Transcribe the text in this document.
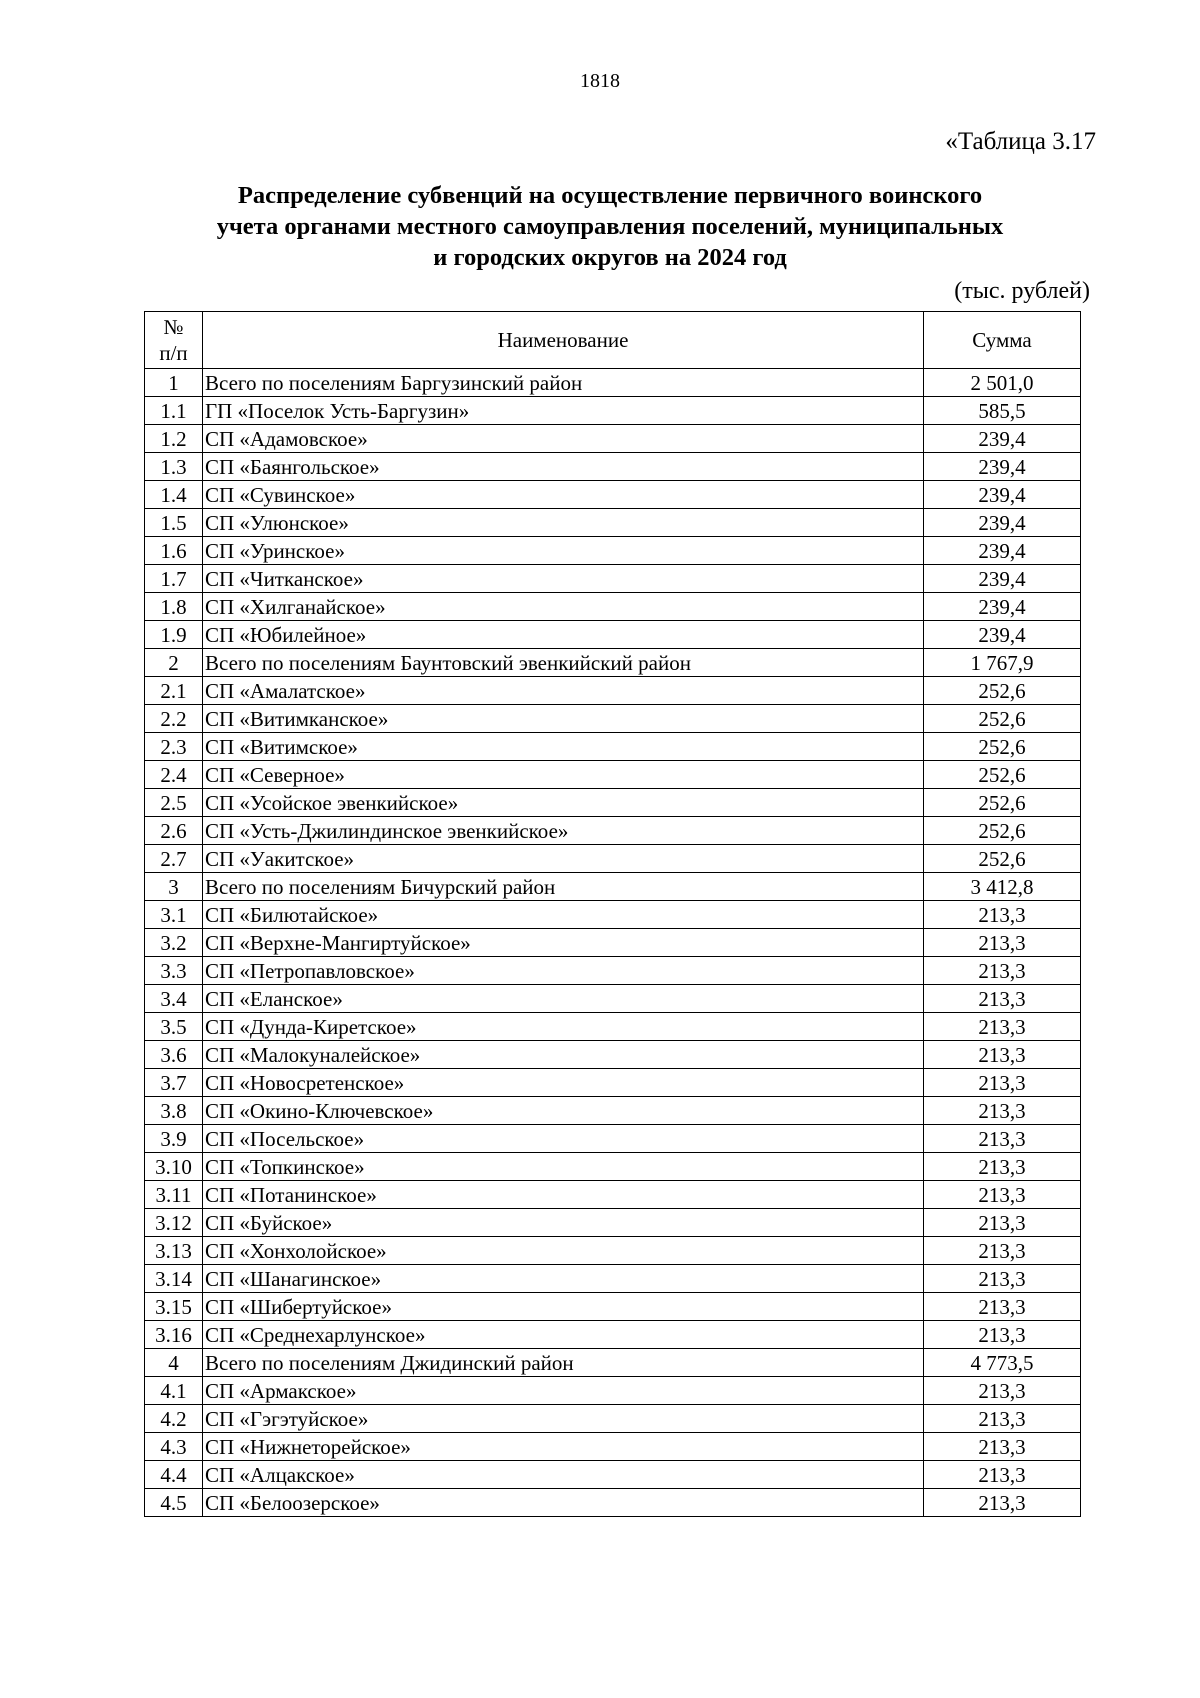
1818
«Таблица 3.17
Распределение субвенций на осуществление первичного воинского
учета органами местного самоуправления поселений, муниципальных
и городских округов на 2024 год
(тыс. рублей)
№
п/п	Наименование	Сумма
1	Всего по поселениям Баргузинский район	2 501,0
1.1	ГП «Поселок Усть-Баргузин»	585,5
1.2	СП «Адамовское»	239,4
1.3	СП «Баянгольское»	239,4
1.4	СП «Сувинское»	239,4
1.5	СП «Улюнское»	239,4
1.6	СП «Уринское»	239,4
1.7	СП «Читканское»	239,4
1.8	СП «Хилганайское»	239,4
1.9	СП «Юбилейное»	239,4
2	Всего по поселениям Баунтовский эвенкийский район	1 767,9
2.1	СП «Амалатское»	252,6
2.2	СП «Витимканское»	252,6
2.3	СП «Витимское»	252,6
2.4	СП «Северное»	252,6
2.5	СП «Усойское эвенкийское»	252,6
2.6	СП «Усть-Джилиндинское эвенкийское»	252,6
2.7	СП «Уакитское»	252,6
3	Всего по поселениям Бичурский район	3 412,8
3.1	СП «Билютайское»	213,3
3.2	СП «Верхне-Мангиртуйское»	213,3
3.3	СП «Петропавловское»	213,3
3.4	СП «Еланское»	213,3
3.5	СП «Дунда-Киретское»	213,3
3.6	СП «Малокуналейское»	213,3
3.7	СП «Новосретенское»	213,3
3.8	СП «Окино-Ключевское»	213,3
3.9	СП «Посельское»	213,3
3.10	СП «Топкинское»	213,3
3.11	СП «Потанинское»	213,3
3.12	СП «Буйское»	213,3
3.13	СП «Хонхолойское»	213,3
3.14	СП «Шанагинское»	213,3
3.15	СП «Шибертуйское»	213,3
3.16	СП «Среднехарлунское»	213,3
4	Всего по поселениям Джидинский район	4 773,5
4.1	СП «Армакское»	213,3
4.2	СП «Гэгэтуйское»	213,3
4.3	СП «Нижнеторейское»	213,3
4.4	СП «Алцакское»	213,3
4.5	СП «Белоозерское»	213,3
